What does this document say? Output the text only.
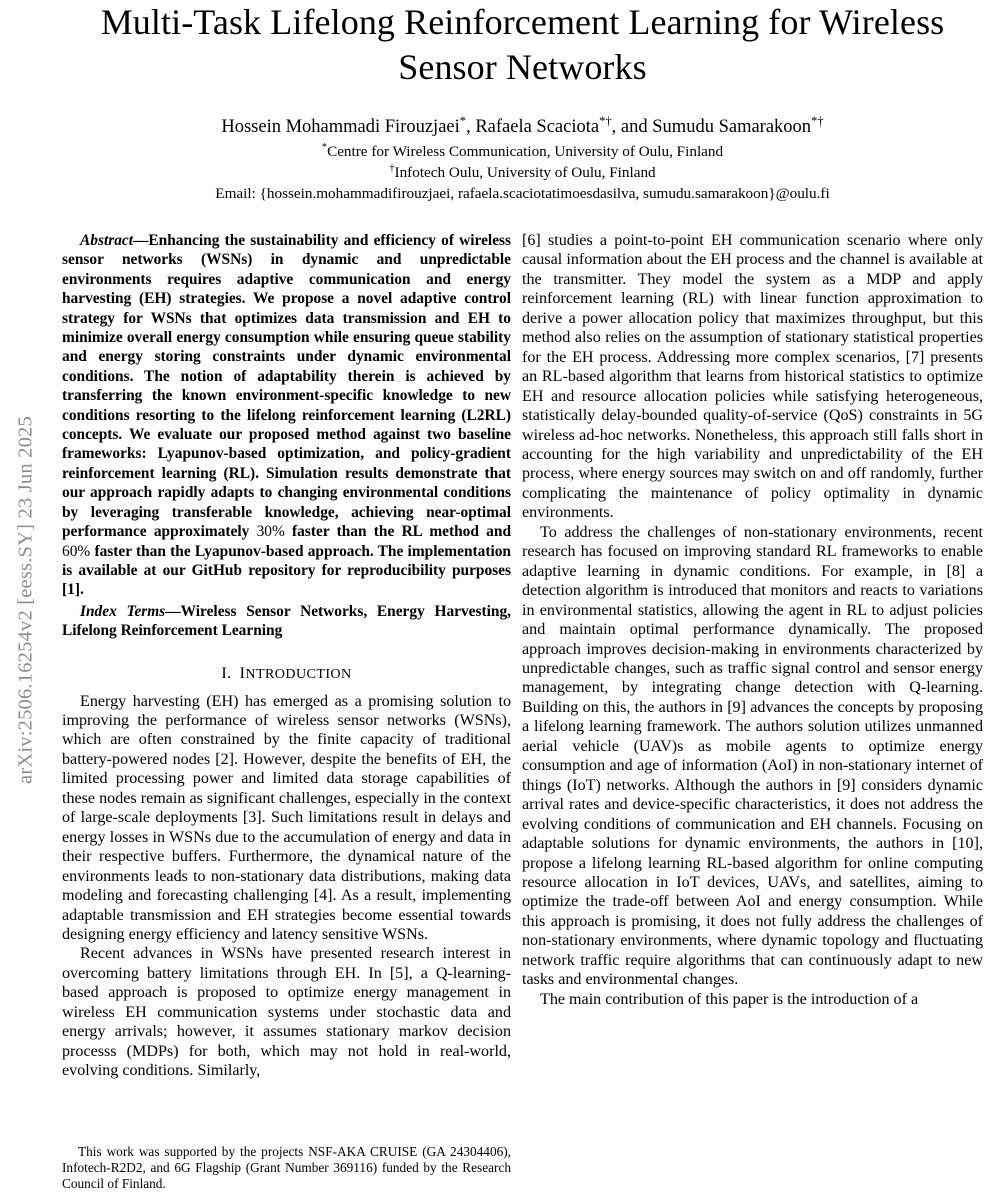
arXiv:2506.16254v2 [eess.SY] 23 Jun 2025
Multi-Task Lifelong Reinforcement Learning for Wireless Sensor Networks
Hossein Mohammadi Firouzjaei*, Rafaela Scaciota*†, and Sumudu Samarakoon*†
*Centre for Wireless Communication, University of Oulu, Finland
†Infotech Oulu, University of Oulu, Finland
Email: {hossein.mohammadifirouzjaei, rafaela.scaciotatimoesdasilva, sumudu.samarakoon}@oulu.fi

Abstract—Enhancing the sustainability and efficiency of wireless sensor networks (WSNs) in dynamic and unpredictable environments requires adaptive communication and energy harvesting (EH) strategies. We propose a novel adaptive control strategy for WSNs that optimizes data transmission and EH to minimize overall energy consumption while ensuring queue stability and energy storing constraints under dynamic environmental conditions. The notion of adaptability therein is achieved by transferring the known environment-specific knowledge to new conditions resorting to the lifelong reinforcement learning (L2RL) concepts. We evaluate our proposed method against two baseline frameworks: Lyapunov-based optimization, and policy-gradient reinforcement learning (RL). Simulation results demonstrate that our approach rapidly adapts to changing environmental conditions by leveraging transferable knowledge, achieving near-optimal performance approximately 30% faster than the RL method and 60% faster than the Lyapunov-based approach. The implementation is available at our GitHub repository for reproducibility purposes [1].

Index Terms—Wireless Sensor Networks, Energy Harvesting, Lifelong Reinforcement Learning

I. INTRODUCTION

Energy harvesting (EH) has emerged as a promising solution to improving the performance of wireless sensor networks (WSNs), which are often constrained by the finite capacity of traditional battery-powered nodes [2]. However, despite the benefits of EH, the limited processing power and limited data storage capabilities of these nodes remain as significant challenges, especially in the context of large-scale deployments [3]. Such limitations result in delays and energy losses in WSNs due to the accumulation of energy and data in their respective buffers. Furthermore, the dynamical nature of the environments leads to non-stationary data distributions, making data modeling and forecasting challenging [4]. As a result, implementing adaptable transmission and EH strategies become essential towards designing energy efficiency and latency sensitive WSNs.

Recent advances in WSNs have presented research interest in overcoming battery limitations through EH. In [5], a Q-learning-based approach is proposed to optimize energy management in wireless EH communication systems under stochastic data and energy arrivals; however, it assumes stationary markov decision processs (MDPs) for both, which may not hold in real-world, evolving conditions. Similarly,

[6] studies a point-to-point EH communication scenario where only causal information about the EH process and the channel is available at the transmitter. They model the system as a MDP and apply reinforcement learning (RL) with linear function approximation to derive a power allocation policy that maximizes throughput, but this method also relies on the assumption of stationary statistical properties for the EH process. Addressing more complex scenarios, [7] presents an RL-based algorithm that learns from historical statistics to optimize EH and resource allocation policies while satisfying heterogeneous, statistically delay-bounded quality-of-service (QoS) constraints in 5G wireless ad-hoc networks. Nonetheless, this approach still falls short in accounting for the high variability and unpredictability of the EH process, where energy sources may switch on and off randomly, further complicating the maintenance of policy optimality in dynamic environments.

To address the challenges of non-stationary environments, recent research has focused on improving standard RL frameworks to enable adaptive learning in dynamic conditions. For example, in [8] a detection algorithm is introduced that monitors and reacts to variations in environmental statistics, allowing the agent in RL to adjust policies and maintain optimal performance dynamically. The proposed approach improves decision-making in environments characterized by unpredictable changes, such as traffic signal control and sensor energy management, by integrating change detection with Q-learning. Building on this, the authors in [9] advances the concepts by proposing a lifelong learning framework. The authors solution utilizes unmanned aerial vehicle (UAV)s as mobile agents to optimize energy consumption and age of information (AoI) in non-stationary internet of things (IoT) networks. Although the authors in [9] considers dynamic arrival rates and device-specific characteristics, it does not address the evolving conditions of communication and EH channels. Focusing on adaptable solutions for dynamic environments, the authors in [10], propose a lifelong learning RL-based algorithm for online computing resource allocation in IoT devices, UAVs, and satellites, aiming to optimize the trade-off between AoI and energy consumption. While this approach is promising, it does not fully address the challenges of non-stationary environments, where dynamic topology and fluctuating network traffic require algorithms that can continuously adapt to new tasks and environmental changes.

The main contribution of this paper is the introduction of a

This work was supported by the projects NSF-AKA CRUISE (GA 24304406), Infotech-R2D2, and 6G Flagship (Grant Number 369116) funded by the Research Council of Finland.
